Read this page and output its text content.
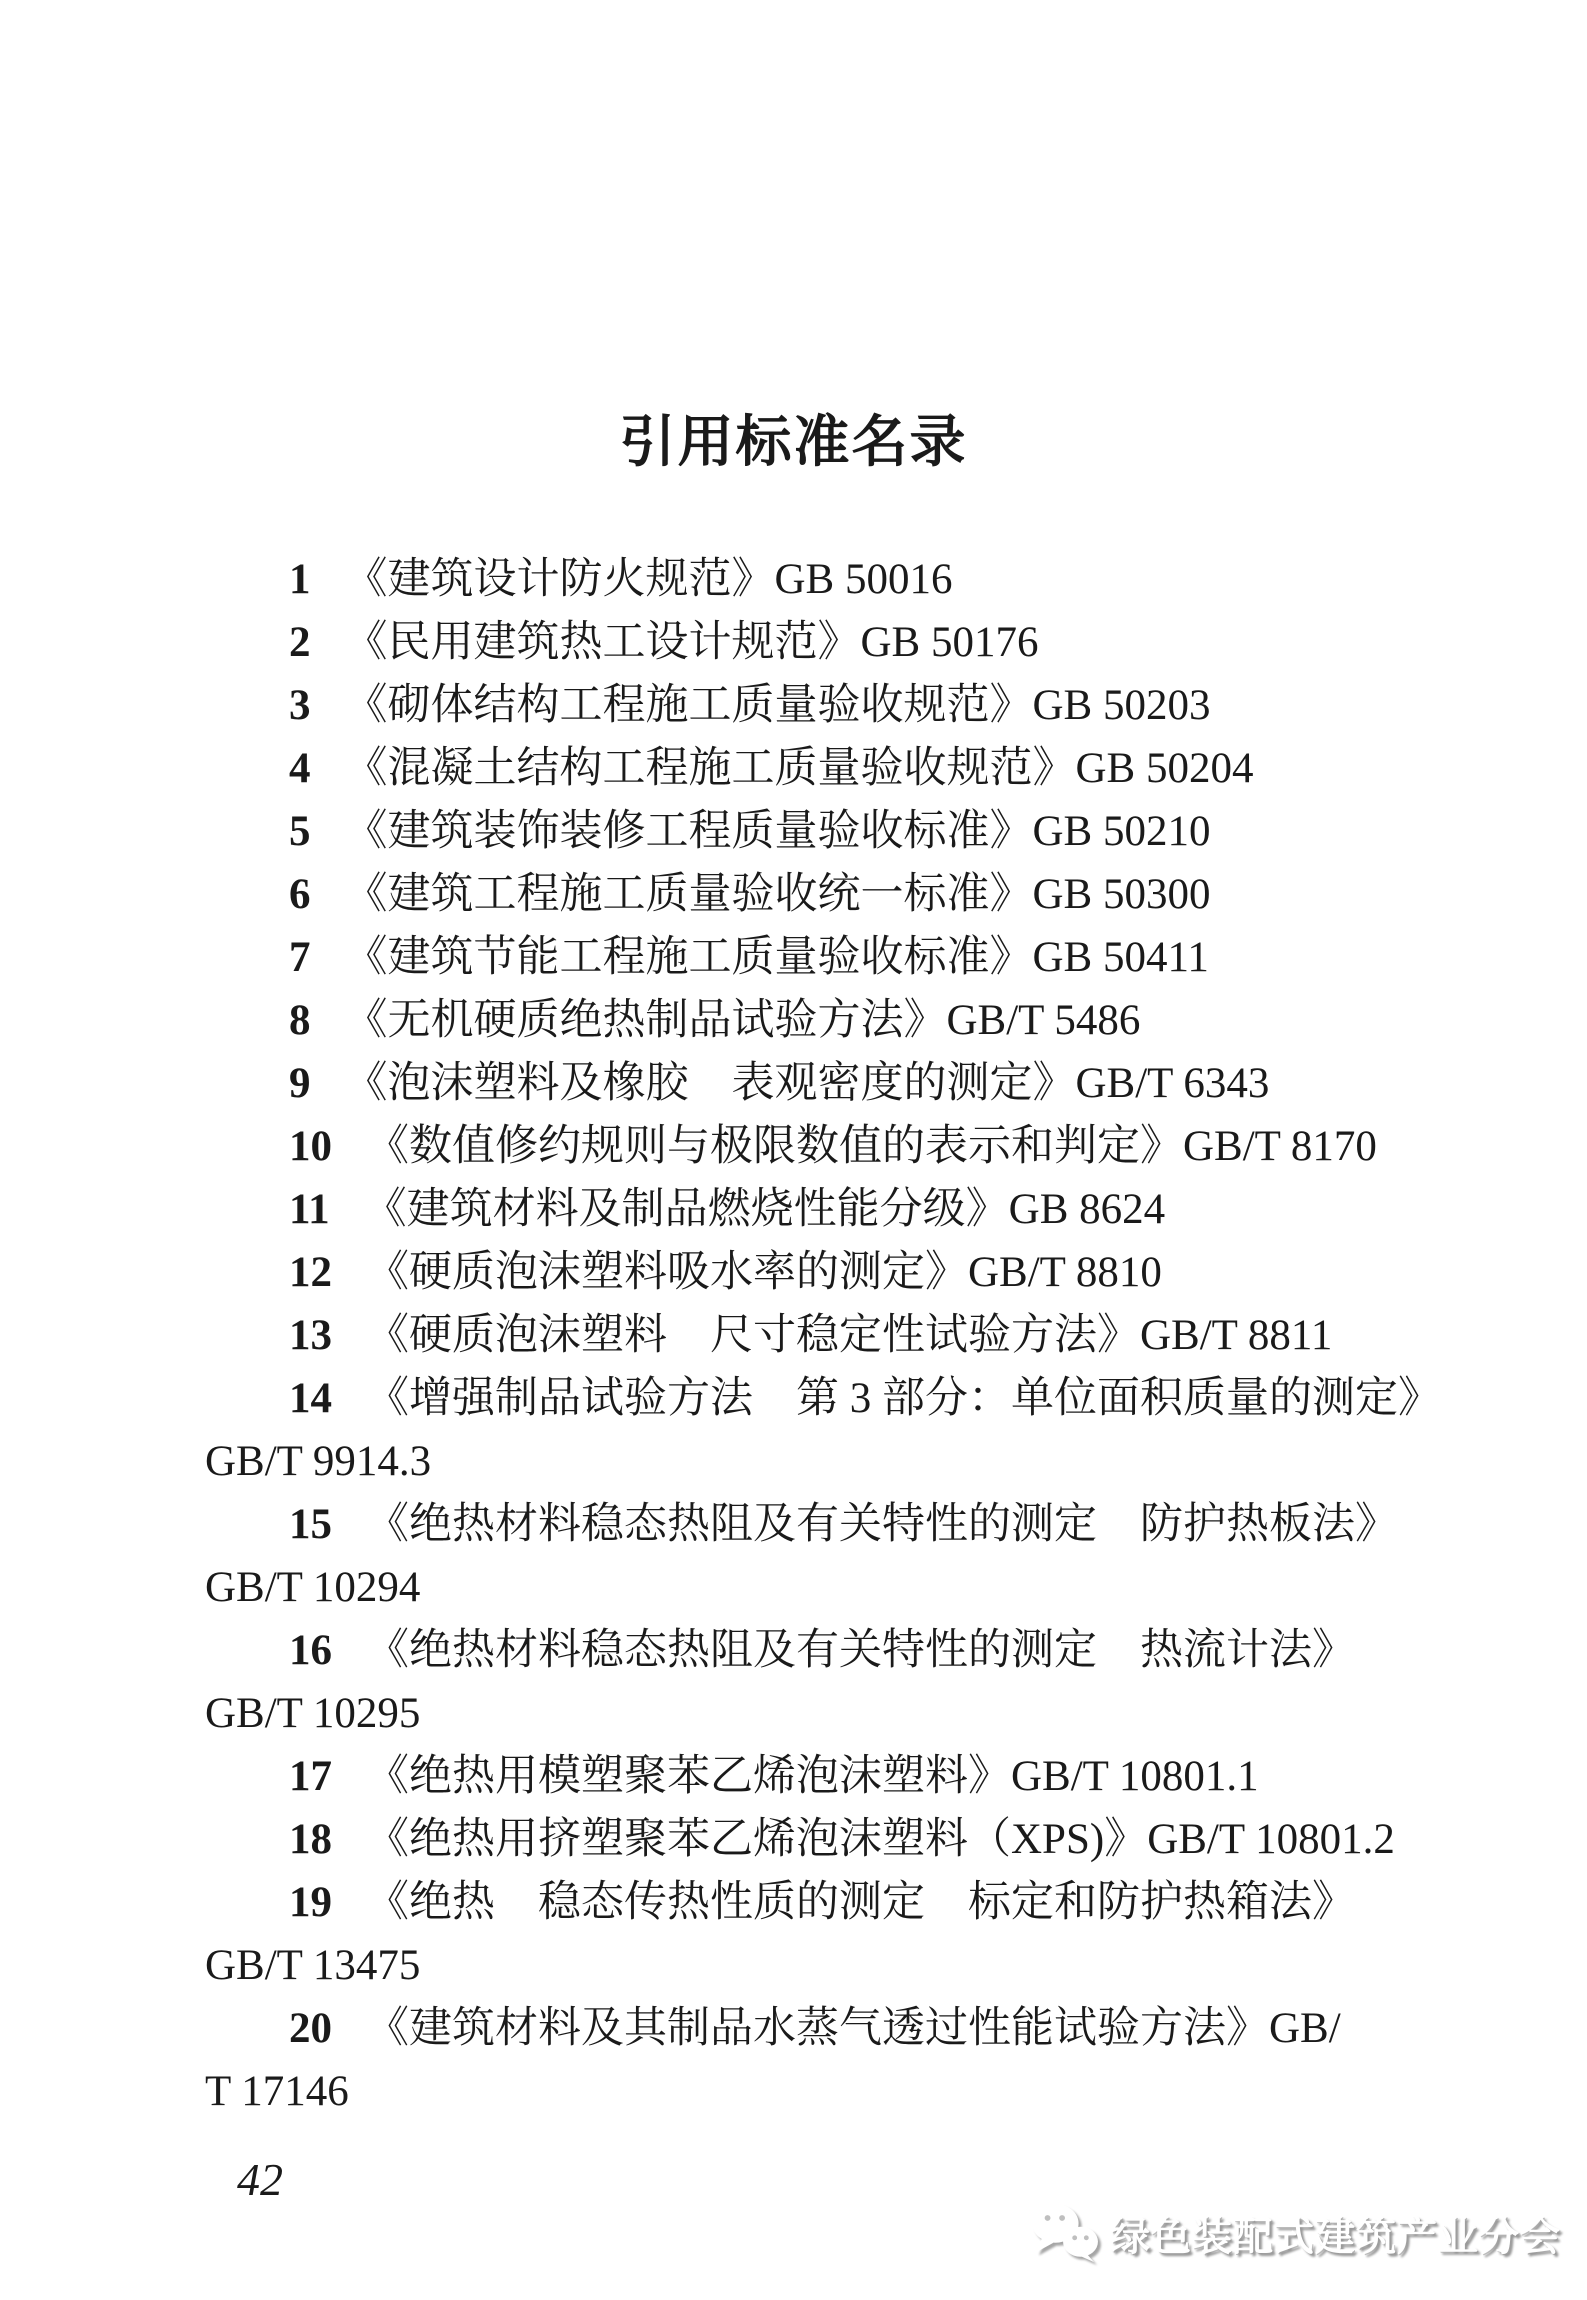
引用标准名录
1 《建筑设计防火规范》GB 50016
2 《民用建筑热工设计规范》GB 50176
3 《砌体结构工程施工质量验收规范》GB 50203
4 《混凝土结构工程施工质量验收规范》GB 50204
5 《建筑装饰装修工程质量验收标准》GB 50210
6 《建筑工程施工质量验收统一标准》GB 50300
7 《建筑节能工程施工质量验收标准》GB 50411
8 《无机硬质绝热制品试验方法》GB/T 5486
9 《泡沫塑料及橡胶　表观密度的测定》GB/T 6343
10 《数值修约规则与极限数值的表示和判定》GB/T 8170
11 《建筑材料及制品燃烧性能分级》GB 8624
12 《硬质泡沫塑料吸水率的测定》GB/T 8810
13 《硬质泡沫塑料　尺寸稳定性试验方法》GB/T 8811
14 《增强制品试验方法　第 3 部分：单位面积质量的测定》
GB/T 9914.3
15 《绝热材料稳态热阻及有关特性的测定　防护热板法》
GB/T 10294
16 《绝热材料稳态热阻及有关特性的测定　热流计法》
GB/T 10295
17 《绝热用模塑聚苯乙烯泡沫塑料》GB/T 10801.1
18 《绝热用挤塑聚苯乙烯泡沫塑料（XPS)》GB/T 10801.2
19 《绝热　稳态传热性质的测定　标定和防护热箱法》
GB/T 13475
20 《建筑材料及其制品水蒸气透过性能试验方法》GB/
T 17146
42
绿色装配式建筑产业分会
